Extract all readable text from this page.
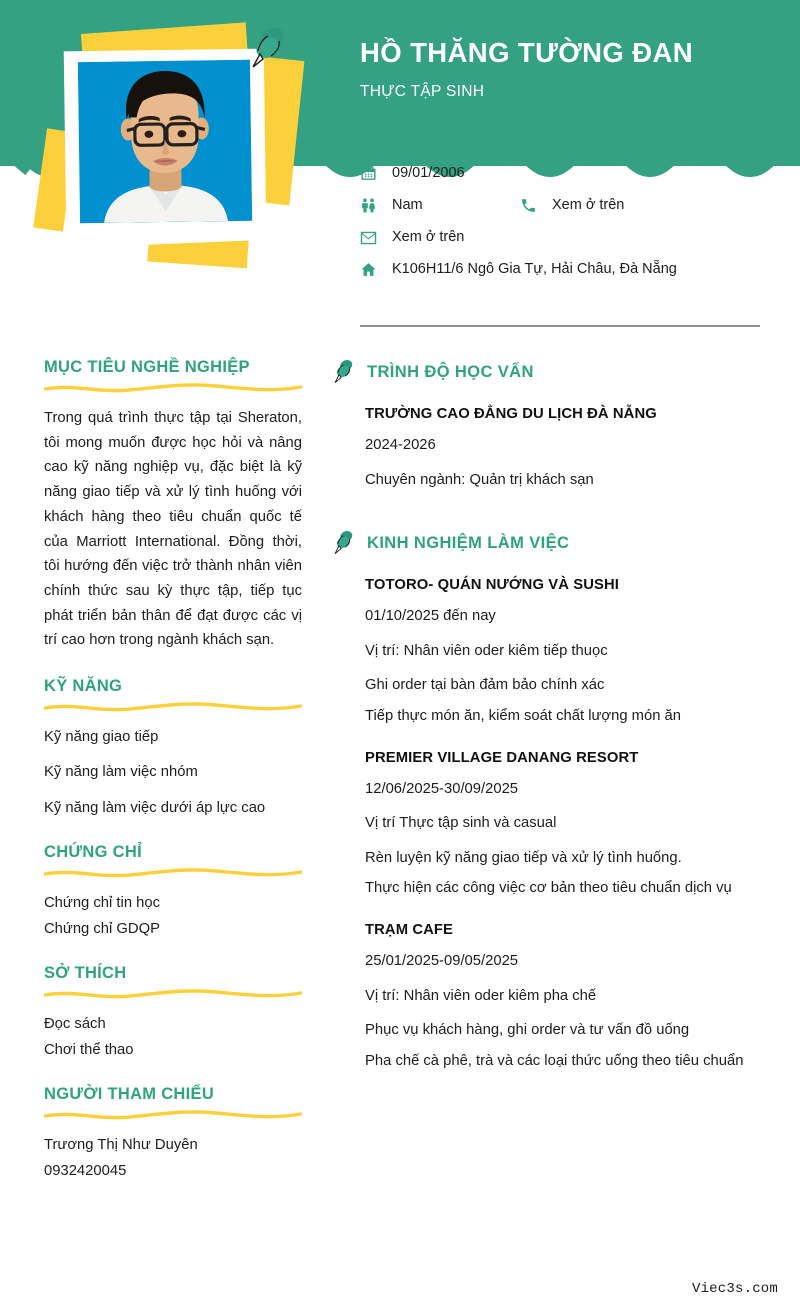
HỒ THĂNG TƯỜNG ĐAN
THỰC TẬP SINH
09/01/2006
Nam	Xem ở trên
Xem ở trên
K106H11/6 Ngô Gia Tự, Hải Châu, Đà Nẵng
MỤC TIÊU NGHỀ NGHIỆP
Trong quá trình thực tập tại Sheraton, tôi mong muốn được học hỏi và nâng cao kỹ năng nghiệp vụ, đặc biệt là kỹ năng giao tiếp và xử lý tình huống với khách hàng theo tiêu chuẩn quốc tế của Marriott International. Đồng thời, tôi hướng đến việc trở thành nhân viên chính thức sau kỳ thực tập, tiếp tục phát triển bản thân để đạt được các vị trí cao hơn trong ngành khách sạn.
KỸ NĂNG
Kỹ năng giao tiếp
Kỹ năng làm việc nhóm
Kỹ năng làm việc dưới áp lực cao
CHỨNG CHỈ
Chứng chỉ tin học
Chứng chỉ GDQP
SỞ THÍCH
Đọc sách
Chơi thể thao
NGƯỜI THAM CHIẾU
Trương Thị Như Duyên
0932420045
TRÌNH ĐỘ HỌC VẤN
TRƯỜNG CAO ĐẲNG DU LỊCH ĐÀ NẴNG
2024-2026
Chuyên ngành: Quản trị khách sạn
KINH NGHIỆM LÀM VIỆC
TOTORO- QUÁN NƯỚNG VÀ SUSHI
01/10/2025 đến nay
Vị trí: Nhân viên oder kiêm tiếp thuọc
Ghi order tại bàn đảm bảo chính xác
Tiếp thực món ăn, kiểm soát chất lượng món ăn
PREMIER VILLAGE DANANG RESORT
12/06/2025-30/09/2025
Vị trí Thực tập sinh và casual
Rèn luyện kỹ năng giao tiếp và xử lý tình huống.
Thực hiện các công việc cơ bản theo tiêu chuẩn dịch vụ
TRẠM CAFE
25/01/2025-09/05/2025
Vị trí: Nhân viên oder kiêm pha chế
Phục vụ khách hàng, ghi order và tư vấn đồ uống
Pha chế cà phê, trà và các loại thức uống theo tiêu chuẩn
Viec3s.com
